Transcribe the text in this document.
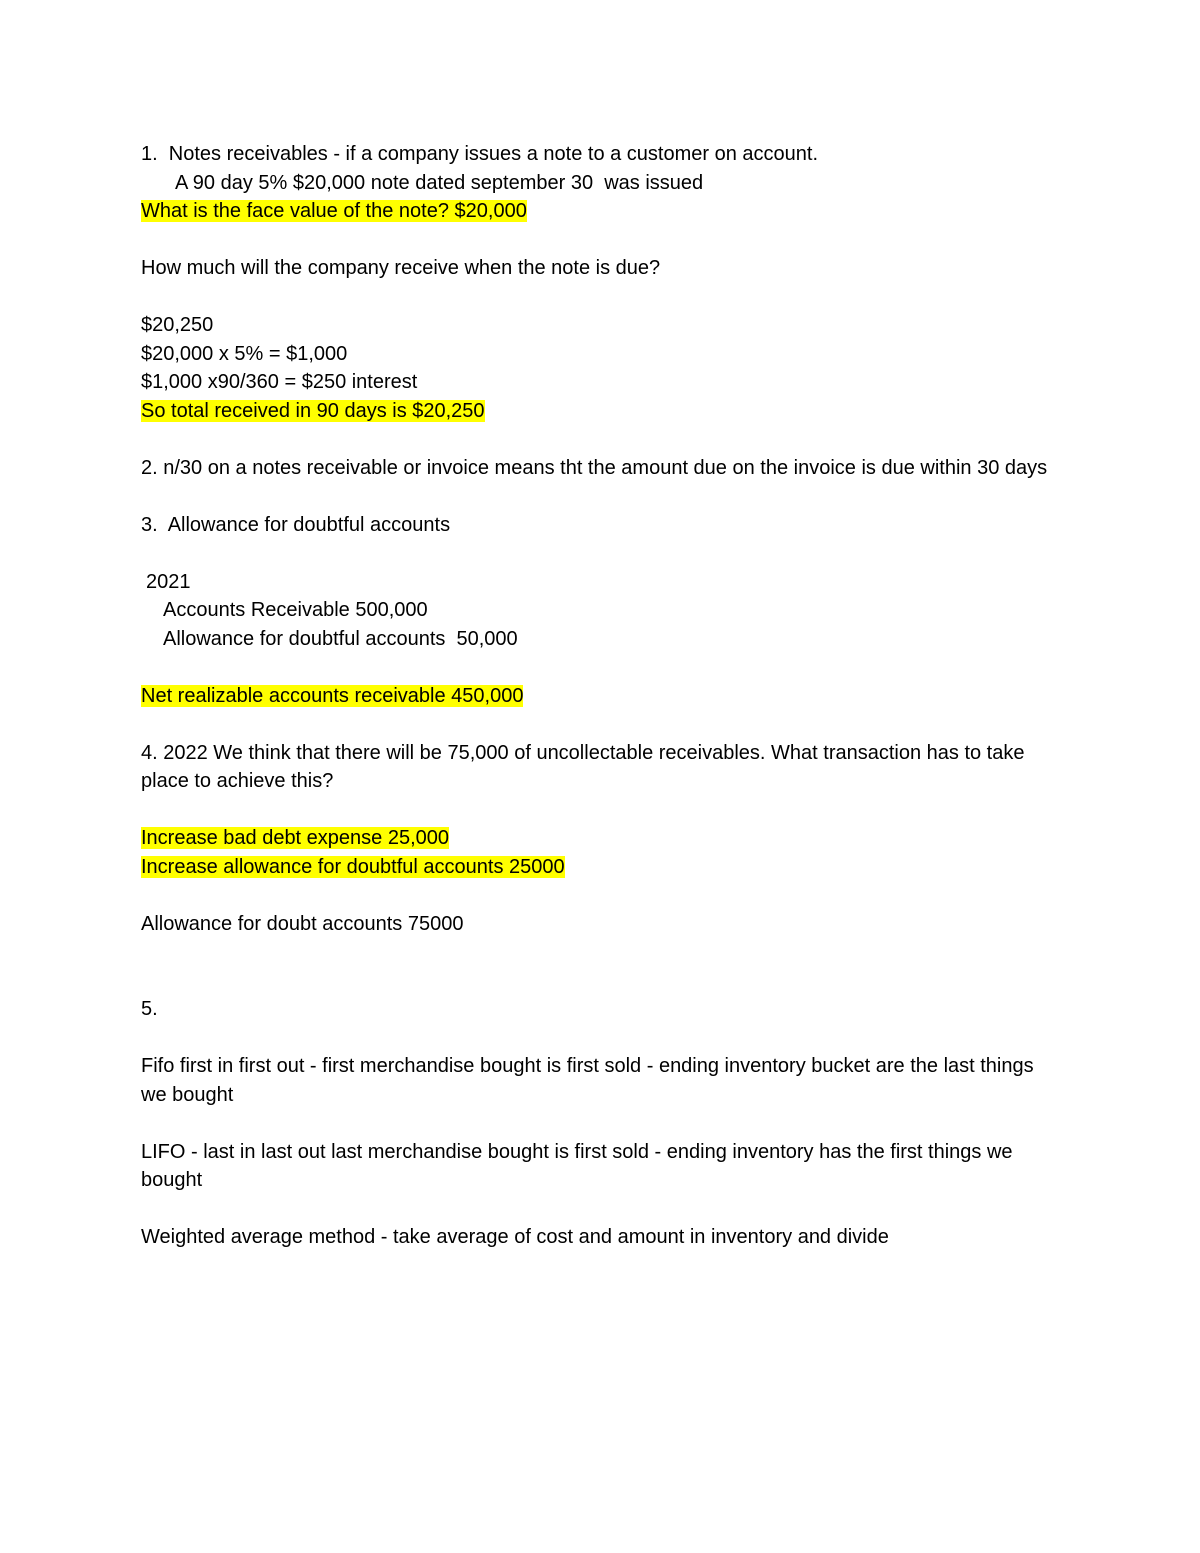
1.  Notes receivables - if a company issues a note to a customer on account.
A 90 day 5% $20,000 note dated september 30  was issued
What is the face value of the note? $20,000
How much will the company receive when the note is due?
$20,250
$20,000 x 5% = $1,000
$1,000 x90/360 = $250 interest
So total received in 90 days is $20,250
2. n/30 on a notes receivable or invoice means tht the amount due on the invoice is due within 30 days
3.  Allowance for doubtful accounts
2021
Accounts Receivable 500,000
Allowance for doubtful accounts  50,000
Net realizable accounts receivable 450,000
4. 2022 We think that there will be 75,000 of uncollectable receivables. What transaction has to take place to achieve this?
Increase bad debt expense 25,000
Increase allowance for doubtful accounts 25000
Allowance for doubt accounts 75000
5.
Fifo first in first out - first merchandise bought is first sold - ending inventory bucket are the last things we bought
LIFO - last in last out last merchandise bought is first sold - ending inventory has the first things we bought
Weighted average method - take average of cost and amount in inventory and divide
